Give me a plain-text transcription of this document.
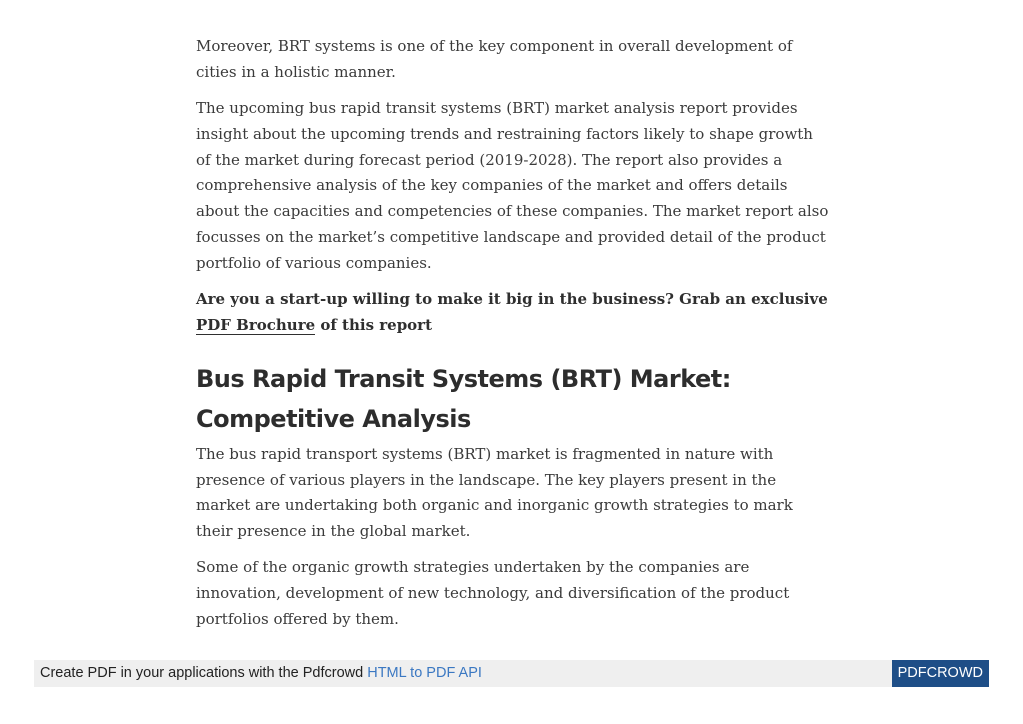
Moreover, BRT systems is one of the key component in overall development of cities in a holistic manner.

The upcoming bus rapid transit systems (BRT) market analysis report provides insight about the upcoming trends and restraining factors likely to shape growth of the market during forecast period (2019-2028). The report also provides a comprehensive analysis of the key companies of the market and offers details about the capacities and competencies of these companies. The market report also focusses on the market’s competitive landscape and provided detail of the product portfolio of various companies.

Are you a start-up willing to make it big in the business? Grab an exclusive PDF Brochure of this report

Bus Rapid Transit Systems (BRT) Market: Competitive Analysis

The bus rapid transport systems (BRT) market is fragmented in nature with presence of various players in the landscape. The key players present in the market are undertaking both organic and inorganic growth strategies to mark their presence in the global market.

Some of the organic growth strategies undertaken by the companies are innovation, development of new technology, and diversification of the product portfolios offered by them.

Create PDF in your applications with the Pdfcrowd HTML to PDF API	PDFCROWD
